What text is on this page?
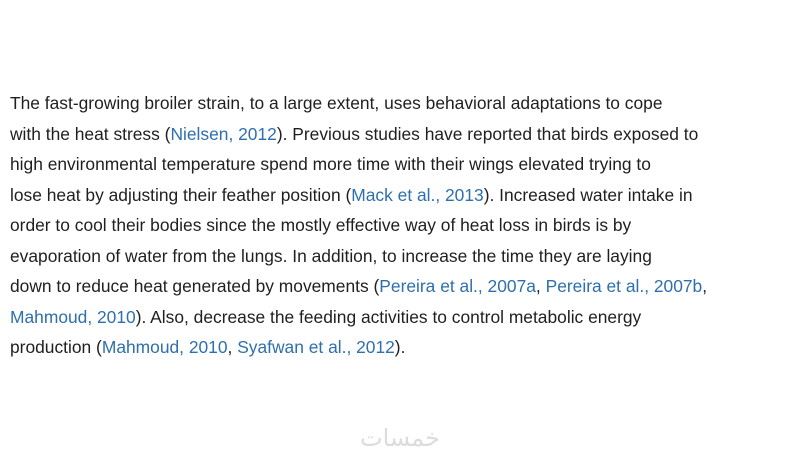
The fast-growing broiler strain, to a large extent, uses behavioral adaptations to cope
with the heat stress (Nielsen, 2012). Previous studies have reported that birds exposed to
high environmental temperature spend more time with their wings elevated trying to
lose heat by adjusting their feather position (Mack et al., 2013). Increased water intake in
order to cool their bodies since the mostly effective way of heat loss in birds is by
evaporation of water from the lungs. In addition, to increase the time they are laying
down to reduce heat generated by movements (Pereira et al., 2007a, Pereira et al., 2007b,
Mahmoud, 2010). Also, decrease the feeding activities to control metabolic energy
production (Mahmoud, 2010, Syafwan et al., 2012).
خمسات
